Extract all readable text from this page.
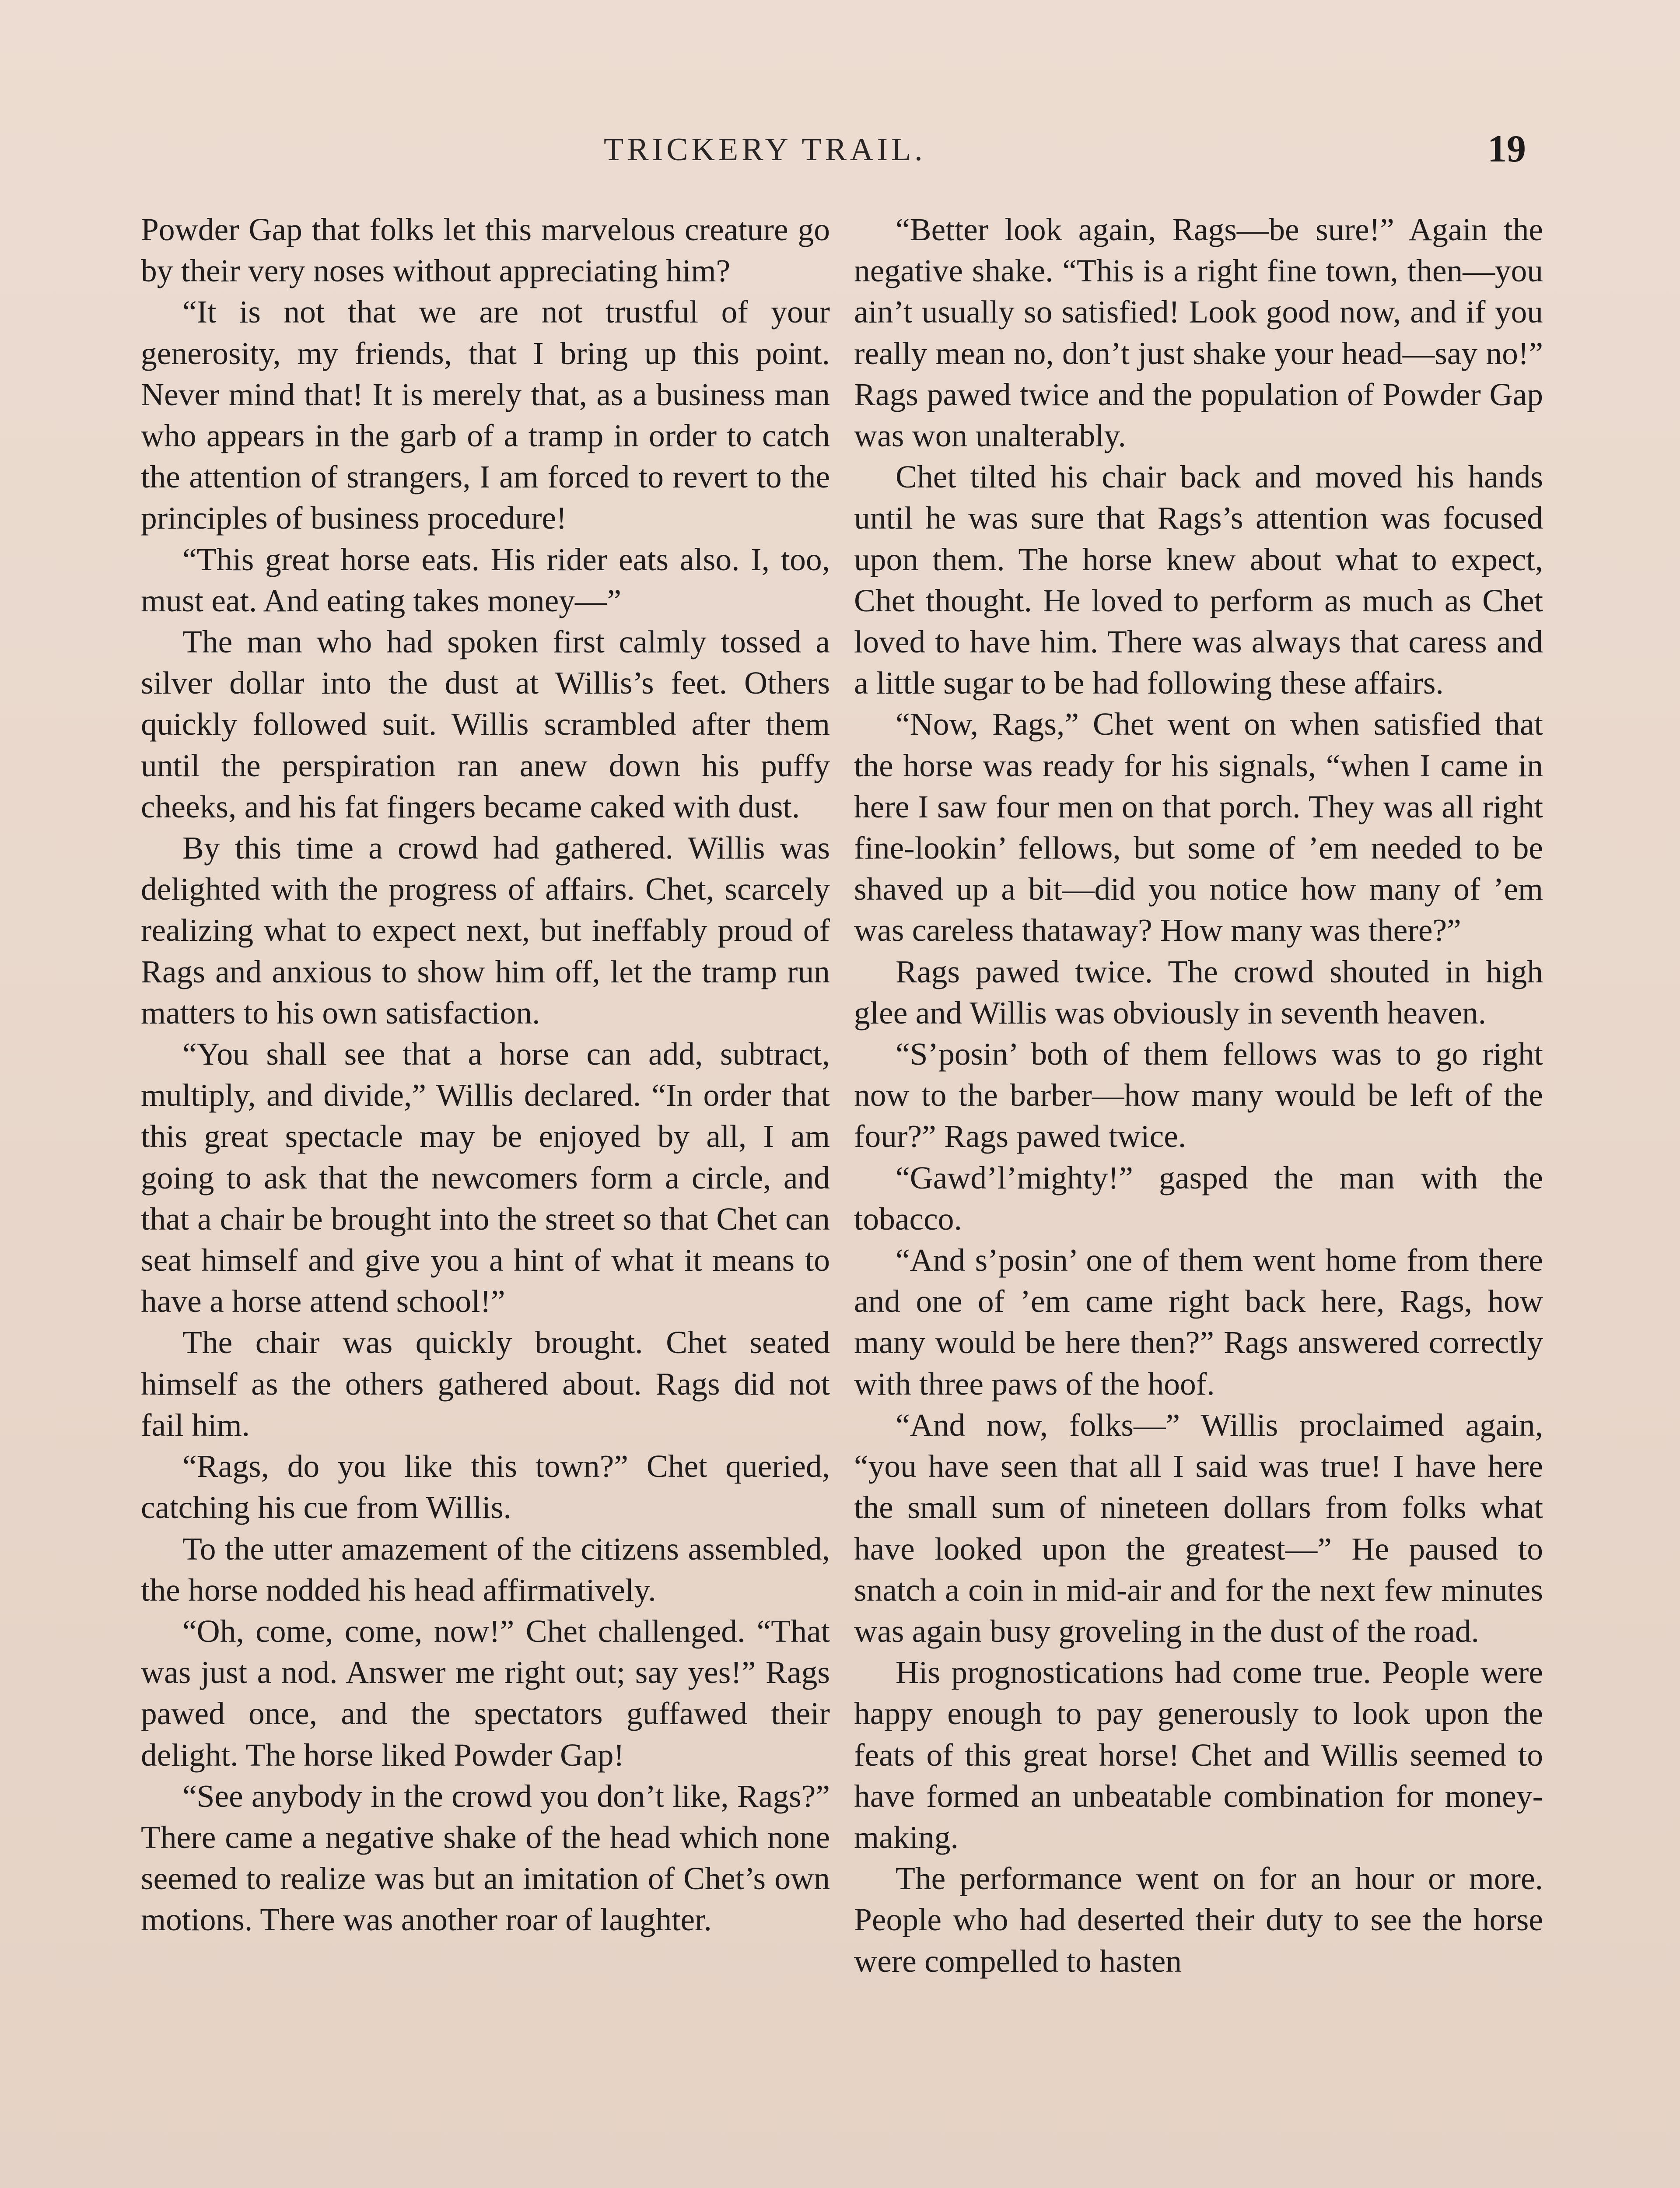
TRICKERY TRAIL.	19

Powder Gap that folks let this marvelous creature go by their very noses without appreciating him?

“It is not that we are not trustful of your generosity, my friends, that I bring up this point. Never mind that! It is merely that, as a business man who appears in the garb of a tramp in order to catch the attention of strangers, I am forced to revert to the principles of business procedure!

“This great horse eats. His rider eats also. I, too, must eat. And eating takes money—”

The man who had spoken first calmly tossed a silver dollar into the dust at Willis’s feet. Others quickly followed suit. Willis scrambled after them until the perspiration ran anew down his puffy cheeks, and his fat fingers became caked with dust.

By this time a crowd had gathered. Willis was delighted with the progress of affairs. Chet, scarcely realizing what to expect next, but ineffably proud of Rags and anxious to show him off, let the tramp run matters to his own satisfaction.

“You shall see that a horse can add, subtract, multiply, and divide,” Willis declared. “In order that this great spectacle may be enjoyed by all, I am going to ask that the newcomers form a circle, and that a chair be brought into the street so that Chet can seat himself and give you a hint of what it means to have a horse attend school!”

The chair was quickly brought. Chet seated himself as the others gathered about. Rags did not fail him.

“Rags, do you like this town?” Chet queried, catching his cue from Willis.

To the utter amazement of the citizens assembled, the horse nodded his head affirmatively.

“Oh, come, come, now!” Chet challenged. “That was just a nod. Answer me right out; say yes!” Rags pawed once, and the spectators guffawed their delight. The horse liked Powder Gap!

“See anybody in the crowd you don’t like, Rags?” There came a negative shake of the head which none seemed to realize was but an imitation of Chet’s own motions. There was another roar of laughter.

“Better look again, Rags—be sure!” Again the negative shake. “This is a right fine town, then—you ain’t usually so satisfied! Look good now, and if you really mean no, don’t just shake your head—say no!” Rags pawed twice and the population of Powder Gap was won unalterably.

Chet tilted his chair back and moved his hands until he was sure that Rags’s attention was focused upon them. The horse knew about what to expect, Chet thought. He loved to perform as much as Chet loved to have him. There was always that caress and a little sugar to be had following these affairs.

“Now, Rags,” Chet went on when satisfied that the horse was ready for his signals, “when I came in here I saw four men on that porch. They was all right fine-lookin’ fellows, but some of ’em needed to be shaved up a bit—did you notice how many of ’em was careless thataway? How many was there?”

Rags pawed twice. The crowd shouted in high glee and Willis was obviously in seventh heaven.

“S’posin’ both of them fellows was to go right now to the barber—how many would be left of the four?” Rags pawed twice.

“Gawd’l’mighty!” gasped the man with the tobacco.

“And s’posin’ one of them went home from there and one of ’em came right back here, Rags, how many would be here then?” Rags answered correctly with three paws of the hoof.

“And now, folks—” Willis proclaimed again, “you have seen that all I said was true! I have here the small sum of nineteen dollars from folks what have looked upon the greatest—” He paused to snatch a coin in mid-air and for the next few minutes was again busy groveling in the dust of the road.

His prognostications had come true. People were happy enough to pay generously to look upon the feats of this great horse! Chet and Willis seemed to have formed an unbeatable combination for money-making.

The performance went on for an hour or more. People who had deserted their duty to see the horse were compelled to hasten
